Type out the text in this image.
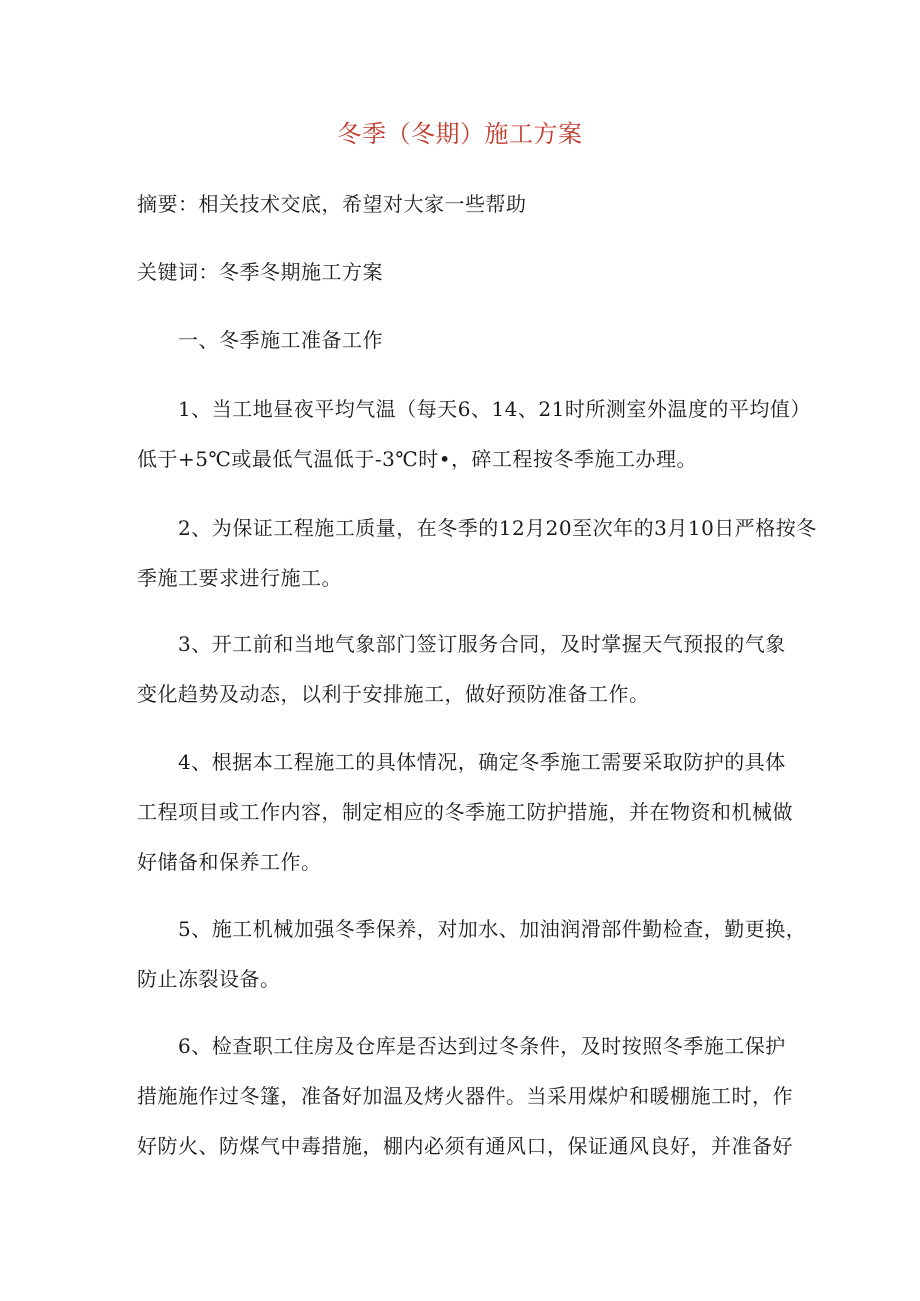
冬季（冬期）施工方案
摘要：相关技术交底，希望对大家一些帮助
关键词：冬季冬期施工方案
一、冬季施工准备工作
1、当工地昼夜平均气温（每天6、14、21时所测室外温度的平均值）
低于+5℃或最低气温低于-3℃时•，碎工程按冬季施工办理。
2、为保证工程施工质量，在冬季的12月20至次年的3月10日严格按冬
季施工要求进行施工。
3、开工前和当地气象部门签订服务合同，及时掌握天气预报的气象
变化趋势及动态，以利于安排施工，做好预防准备工作。
4、根据本工程施工的具体情况，确定冬季施工需要采取防护的具体
工程项目或工作内容，制定相应的冬季施工防护措施，并在物资和机械做
好储备和保养工作。
5、施工机械加强冬季保养，对加水、加油润滑部件勤检查，勤更换，
防止冻裂设备。
6、检查职工住房及仓库是否达到过冬条件，及时按照冬季施工保护
措施施作过冬篷，准备好加温及烤火器件。当采用煤炉和暖棚施工时，作
好防火、防煤气中毒措施，棚内必须有通风口，保证通风良好，并准备好
